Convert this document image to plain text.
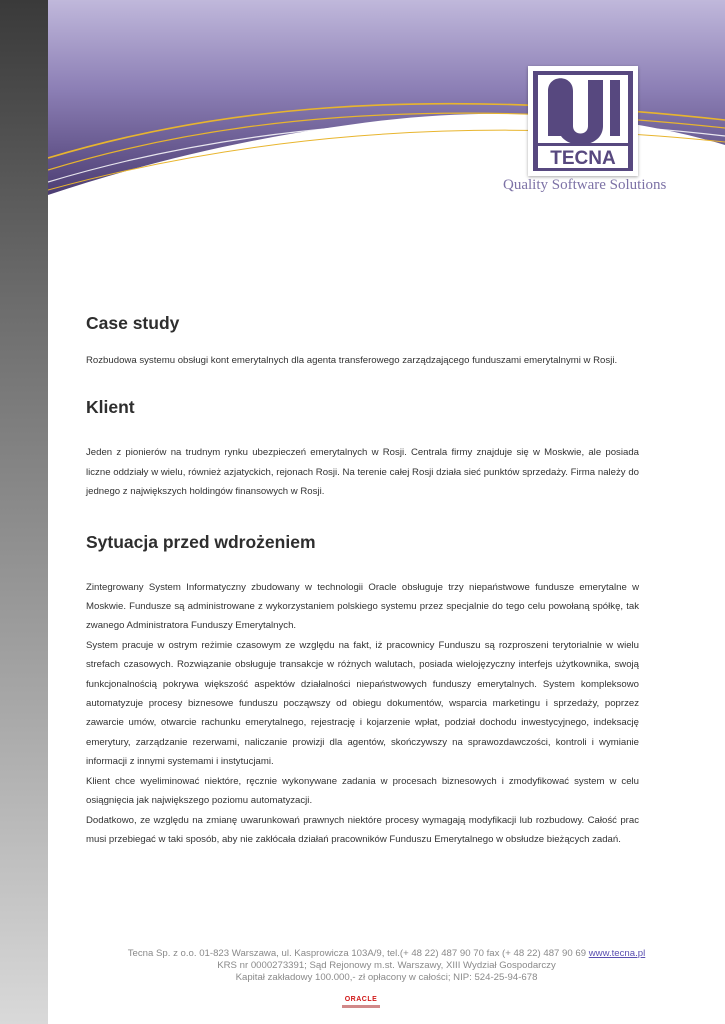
TECNA
Quality Software Solutions
Case study

Rozbudowa systemu obsługi kont emerytalnych dla agenta transferowego zarządzającego funduszami emerytalnymi w Rosji.

Klient

Jeden z pionierów na trudnym rynku ubezpieczeń emerytalnych w Rosji. Centrala firmy znajduje się w Moskwie, ale posiada liczne oddziały w wielu, również azjatyckich, rejonach Rosji. Na terenie całej Rosji działa sieć punktów sprzedaży. Firma należy do jednego z największych holdingów finansowych w Rosji.

Sytuacja przed wdrożeniem

Zintegrowany System Informatyczny zbudowany w technologii Oracle obsługuje trzy niepaństwowe fundusze emerytalne w Moskwie. Fundusze są administrowane z wykorzystaniem polskiego systemu przez specjalnie do tego celu powołaną spółkę, tak zwanego Administratora Funduszy Emerytalnych.

System pracuje w ostrym reżimie czasowym ze względu na fakt, iż pracownicy Funduszu są rozproszeni terytorialnie w wielu strefach czasowych. Rozwiązanie obsługuje transakcje w różnych walutach, posiada wielojęzyczny interfejs użytkownika, swoją funkcjonalnością pokrywa większość aspektów działalności niepaństwowych funduszy emerytalnych. System kompleksowo automatyzuje procesy biznesowe funduszu począwszy od obiegu dokumentów, wsparcia marketingu i sprzedaży, poprzez zawarcie umów, otwarcie rachunku emerytalnego, rejestrację i kojarzenie wpłat, podział dochodu inwestycyjnego, indeksację emerytury, zarządzanie rezerwami, naliczanie prowizji dla agentów, skończywszy na sprawozdawczości, kontroli i wymianie informacji z innymi systemami i instytucjami.

Klient chce wyeliminować niektóre, ręcznie wykonywane zadania w procesach biznesowych i zmodyfikować system w celu osiągnięcia jak największego poziomu automatyzacji.

Dodatkowo, ze względu na zmianę uwarunkowań prawnych niektóre procesy wymagają modyfikacji lub rozbudowy. Całość prac musi przebiegać w taki sposób, aby nie zakłócała działań pracowników Funduszu Emerytalnego w obsłudze bieżących zadań.

Tecna Sp. z o.o. 01-823 Warszawa, ul. Kasprowicza 103A/9, tel.(+ 48 22) 487 90 70 fax (+ 48 22) 487 90 69 www.tecna.pl
KRS nr 0000273391; Sąd Rejonowy m.st. Warszawy, XIII Wydział Gospodarczy
Kapitał zakładowy 100.000,- zł opłacony w całości; NIP: 524-25-94-678
ORACLE
